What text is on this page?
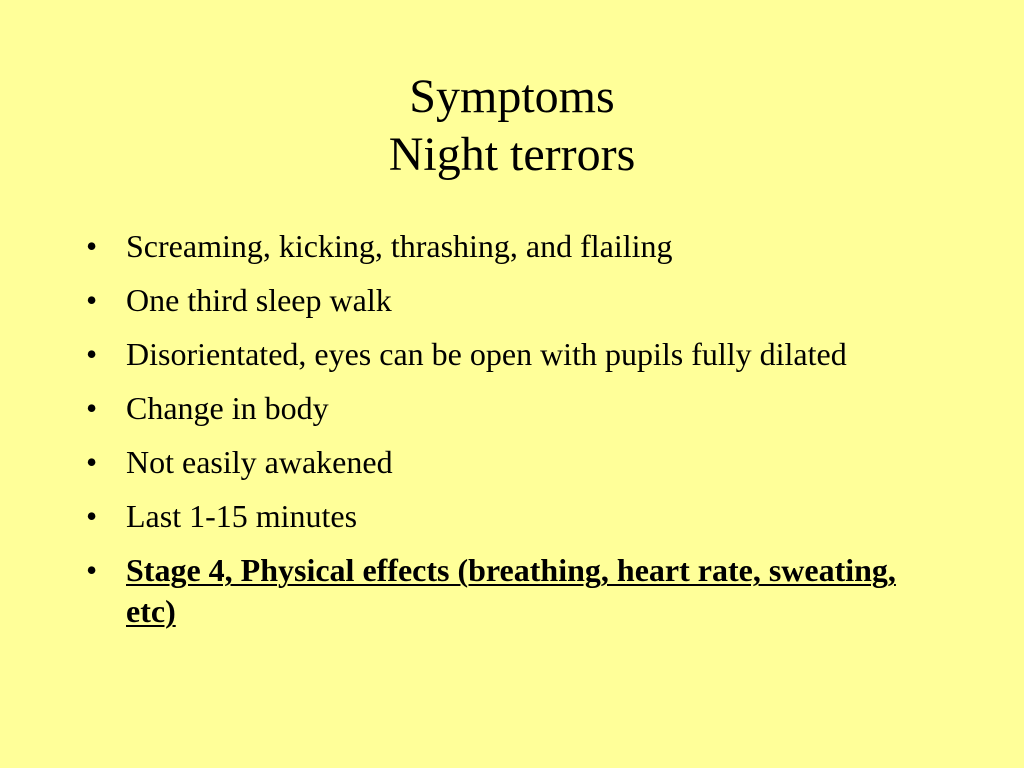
Symptoms
Night terrors
• Screaming, kicking, thrashing, and flailing
• One third sleep walk
• Disorientated, eyes can be open with pupils fully dilated
• Change in body
• Not easily awakened
• Last 1-15 minutes
• Stage 4, Physical effects (breathing, heart rate, sweating, etc)
